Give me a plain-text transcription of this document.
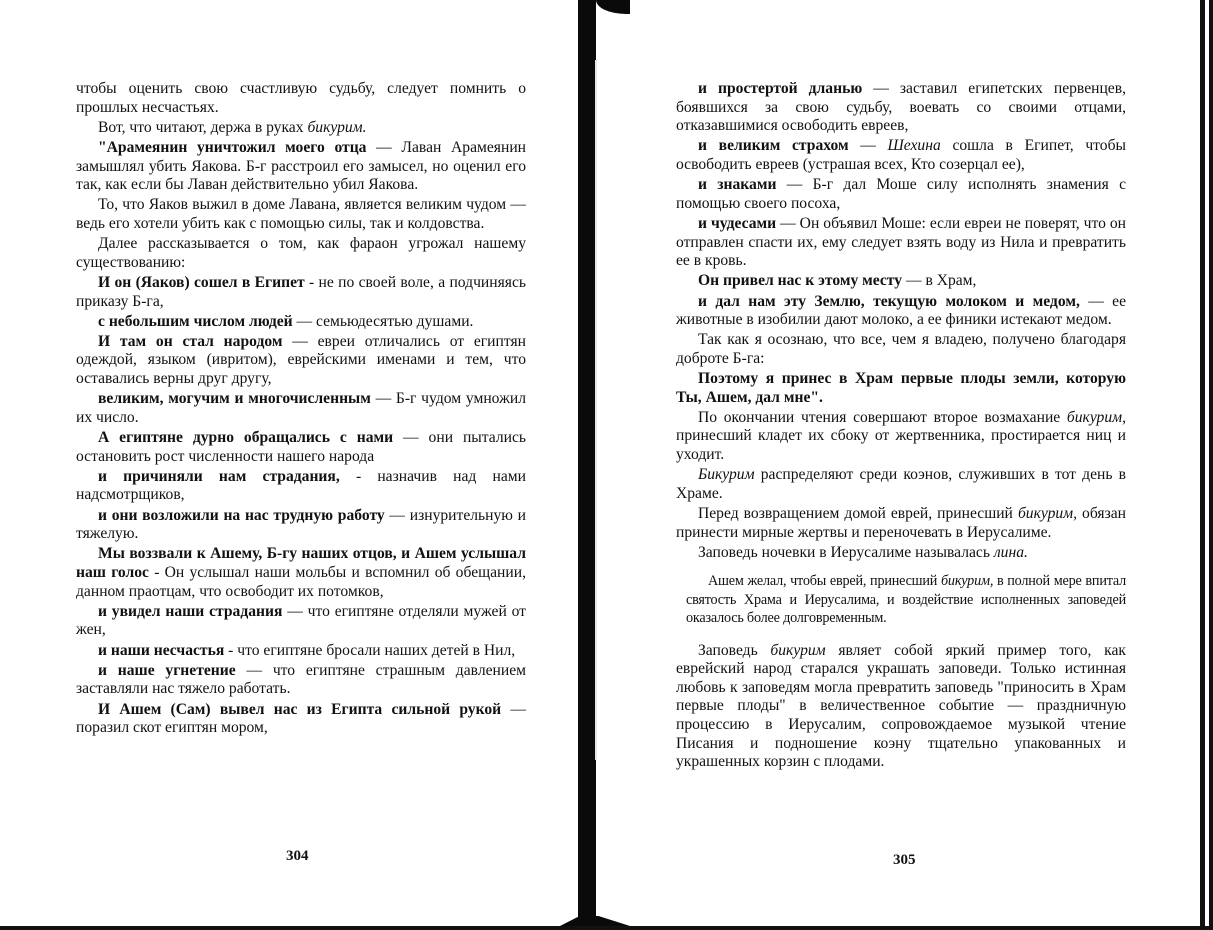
чтобы оценить свою счастливую судьбу, следует помнить о прошлых несчастьях.

Вот, что читают, держа в руках бикурим.

"Арамеянин уничтожил моего отца — Лаван Арамеянин замышлял убить Яакова. Б-г расстроил его замысел, но оценил его так, как если бы Лаван действительно убил Яакова.

То, что Яаков выжил в доме Лавана, является великим чудом — ведь его хотели убить как с помощью силы, так и колдовства.

Далее рассказывается о том, как фараон угрожал нашему существованию:

И он (Яаков) сошел в Египет - не по своей воле, а подчиняясь приказу Б-га,

с небольшим числом людей — семьюдесятью душами.

И там он стал народом — евреи отличались от египтян одеждой, языком (ивритом), еврейскими именами и тем, что оставались верны друг другу,

великим, могучим и многочисленным — Б-г чудом умножил их число.

А египтяне дурно обращались с нами — они пытались остановить рост численности нашего народа

и причиняли нам страдания, - назначив над нами надсмотрщиков,

и они возложили на нас трудную работу — изнурительную и тяжелую.

Мы воззвали к Ашему, Б-гу наших отцов, и Ашем услышал наш голос - Он услышал наши мольбы и вспомнил об обещании, данном праотцам, что освободит их потомков,

и увидел наши страдания — что египтяне отделяли мужей от жен,

и наши несчастья - что египтяне бросали наших детей в Нил,

и наше угнетение — что египтяне страшным давлением заставляли нас тяжело работать.

И Ашем (Сам) вывел нас из Египта сильной рукой — поразил скот египтян мором,

304

и простертой дланью — заставил египетских первенцев, боявшихся за свою судьбу, воевать со своими отцами, отказавшимися освободить евреев,

и великим страхом — Шехина сошла в Египет, чтобы освободить евреев (устрашая всех, Кто созерцал ее),

и знаками — Б-г дал Моше силу исполнять знамения с помощью своего посоха,

и чудесами — Он объявил Моше: если евреи не поверят, что он отправлен спасти их, ему следует взять воду из Нила и превратить ее в кровь.

Он привел нас к этому месту — в Храм,

и дал нам эту Землю, текущую молоком и медом, — ее животные в изобилии дают молоко, а ее финики истекают медом.

Так как я осознаю, что все, чем я владею, получено благодаря доброте Б-га:

Поэтому я принес в Храм первые плоды земли, которую Ты, Ашем, дал мне".

По окончании чтения совершают второе возмахание бикурим, принесший кладет их сбоку от жертвенника, простирается ниц и уходит.

Бикурим распределяют среди коэнов, служивших в тот день в Храме.

Перед возвращением домой еврей, принесший бикурим, обязан принести мирные жертвы и переночевать в Иерусалиме.

Заповедь ночевки в Иерусалиме называлась лина.

Ашем желал, чтобы еврей, принесший бикурим, в полной мере впитал святость Храма и Иерусалима, и воздействие исполненных заповедей оказалось более долговременным.

Заповедь бикурим являет собой яркий пример того, как еврейский народ старался украшать заповеди. Только истинная любовь к заповедям могла превратить заповедь "приносить в Храм первые плоды" в величественное событие — праздничную процессию в Иерусалим, сопровождаемое музыкой чтение Писания и подношение коэну тщательно упакованных и украшенных корзин с плодами.

305
